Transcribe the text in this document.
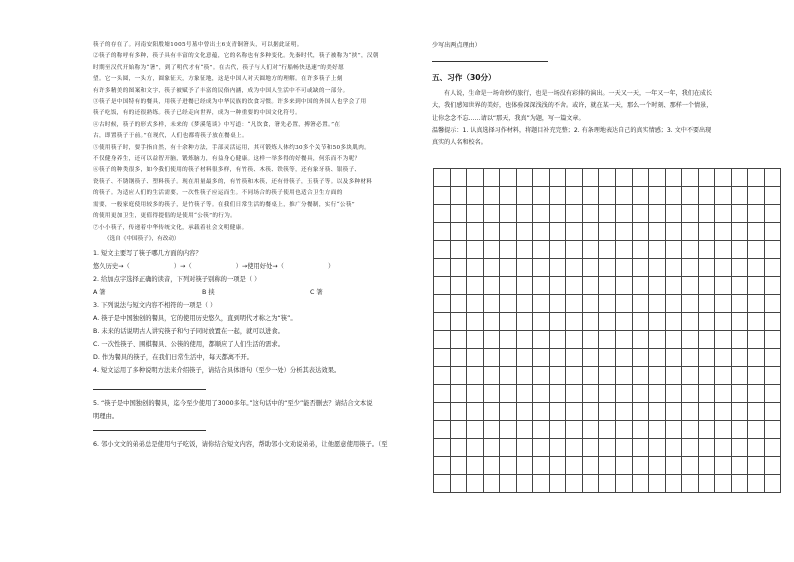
筷子的存在了。河南安阳殷墟1005号墓中曾出土6支青铜箸头，可以据此证明。

②筷子的称呼有多种，筷子具有丰富的文化意蕴，它的名称也有多种变化。先秦时代，筷子被称为“挟”，汉朝

时期至汉代开始称为“箸”，到了明代才有“筷”。在古代，筷子与人们对“行船畅快迅速”的美好愿

望。它一头圆，一头方，圆象征天，方象征地，这是中国人对天圆地方的理解。在许多筷子上刻

有许多精美的图案和文字，筷子被赋予了丰富的民俗内涵，成为中国人生活中不可或缺的一部分。

③筷子是中国特有的餐具，用筷子进餐已经成为中华民族的饮食习惯。许多来到中国的外国人也学会了用

筷子吃饭，有的还很熟练。筷子已经走向世界，成为一种重要的中国文化符号。

④古时候，筷子的形式多样，未来的《梦溪笔谈》中写道：“凡饮食，箸先必置，搏箸必置。”在

古，即置筷子于前。”在现代，人们也都将筷子放在餐桌上。

⑤使用筷子时，要手指自然，有十余种方法，手部灵活运用，其可锻炼人体约30多个关节和50多块肌肉。

不仅健身养生，还可以益智开脑，锻炼脑力，有益身心健康。这样一举多得的好餐具，何乐而不为呢？

⑥筷子的种类很多，如今我们使用的筷子材料很多样，有竹筷、木筷、铁筷等，还有象牙筷、银筷子、

瓷筷子、不锈钢筷子、塑料筷子。现在用量最多的，有竹筷和木筷，还有骨筷子，玉筷子等。以及多种材料

的筷子。为适应人们的生活需要，一次性筷子应运而生。不同场合的筷子使用也适合卫生方面的

需要，一般家庭使用较多的筷子，是竹筷子等。在我们日常生活的餐桌上，推广分餐制，实行“公筷”

的使用更加卫生，更值得提倡的是使用“公筷”的行为。

⑦小小筷子，传递着中华传统文化，承载着社会文明健康。

（选自《中国筷子》，有改动）

1. 短文主要写了筷子哪几方面的内容？

悠久历史→（	）→（	）→使用好处→（	）

2. 给加点字选择正确的读音，下列对筷子别称的一项是（ ）

A 箸	B 挟	C 箸

3. 下列说法与短文内容不相符的一项是（ ）

A. 筷子是中国独创的餐具，它的使用历史悠久，直到明代才称之为“筷”。

B. 未来的话说明古人讲究筷子和勺子同时放置在一起，就可以进食。

C. 一次性筷子、围棋餐具、公筷的使用，都顺应了人们生活的需求。

D. 作为餐具的筷子，在我们日常生活中，每天都离不开。

4. 短文运用了多种说明方法来介绍筷子，请结合具体语句（至少一处）分析其表达效果。

5. “筷子是中国独创的餐具，迄今至少使用了3000多年。”这句话中的“至少”能否删去？请结合文本说

明理由。

6. 邻小文文的弟弟总是使用勺子吃饭，请你结合短文内容，帮助邻小文劝说弟弟，让他愿意使用筷子。（至

少写出两点理由）

五、习作（30分）

有人说，生命是一场奇妙的旅行，也是一场没有彩排的演出。一天又一天，一年又一年，我们在成长

大，我们感知世界的美好，也体验深深浅浅的不舍。或许，就在某一天，那么一个时刻、那样一个情景，

让你念念不忘……请以“那天，我真”为题，写一篇文章。

温馨提示：1. 认真选择习作材料，将题目补充完整；2. 有条理地表达自己的真实情感；3. 文中不要出现

真实的人名和校名。
